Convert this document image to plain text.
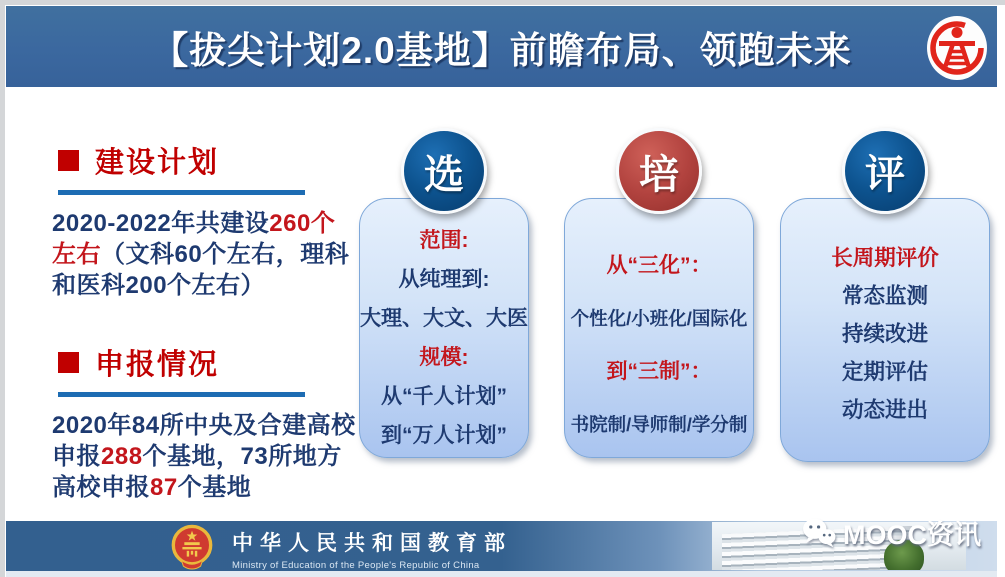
【拔尖计划2.0基地】前瞻布局、领跑未来
建设计划

2020-2022年共建设260个左右（文科60个左右，理科和医科200个左右）

申报情况

2020年84所中央及合建高校申报288个基地，73所地方高校申报87个基地

选
范围:
从纯理到:
大理、大文、大医
规模:
从“千人计划”
到“万人计划”
培
从“三化”：
个性化/小班化/国际化
到“三制”：
书院制/导师制/学分制
评
长周期评价
常态监测
持续改进
定期评估
动态进出
中华人民共和国教育部
Ministry of Education of the People's Republic of China
MOOC资讯
